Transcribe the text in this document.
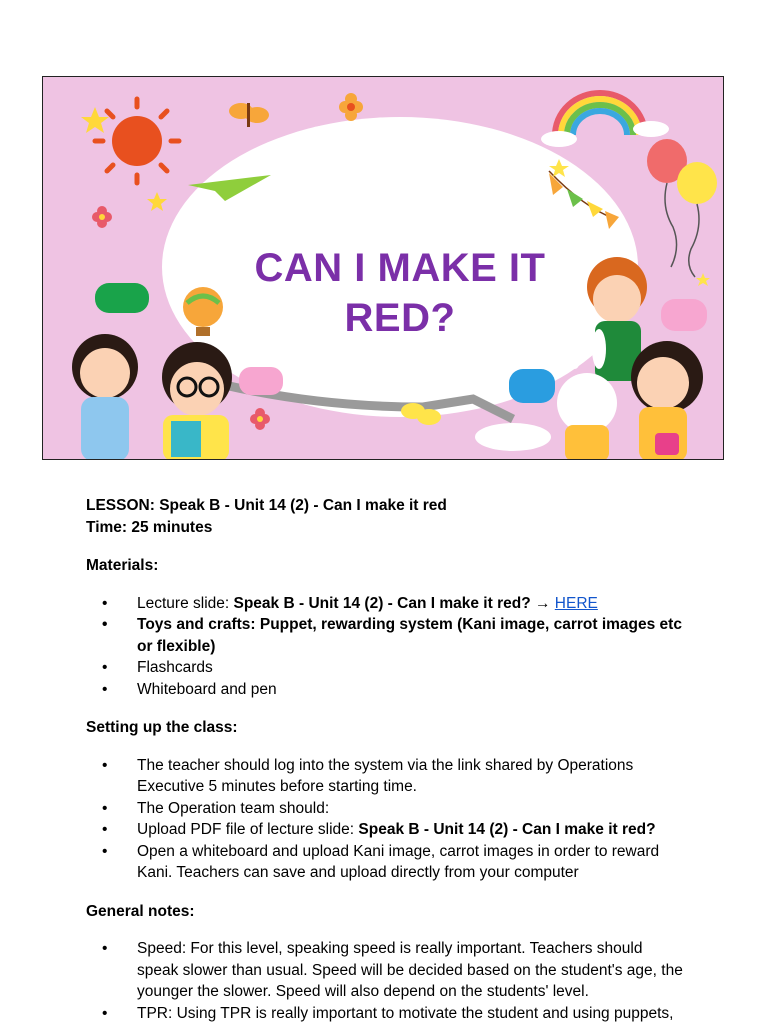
CAN I MAKE IT
RED?

LESSON: Speak B - Unit 14 (2) - Can I make it red

Time: 25 minutes

Materials:

• Lecture slide: Speak B - Unit 14 (2) - Can I make it red? → HERE
• Toys and crafts: Puppet, rewarding system (Kani image, carrot images etc or flexible)
• Flashcards
• Whiteboard and pen

Setting up the class:

• The teacher should log into the system via the link shared by Operations Executive 5 minutes before starting time.
• The Operation team should:
• Upload PDF file of lecture slide: Speak B - Unit 14 (2) - Can I make it red?
• Open a whiteboard and upload Kani image, carrot images in order to reward Kani. Teachers can save and upload directly from your computer

General notes:

• Speed: For this level, speaking speed is really important. Teachers should speak slower than usual. Speed will be decided based on the student's age, the younger the slower. Speed will also depend on the students' level.
• TPR: Using TPR is really important to motivate the student and using puppets,
